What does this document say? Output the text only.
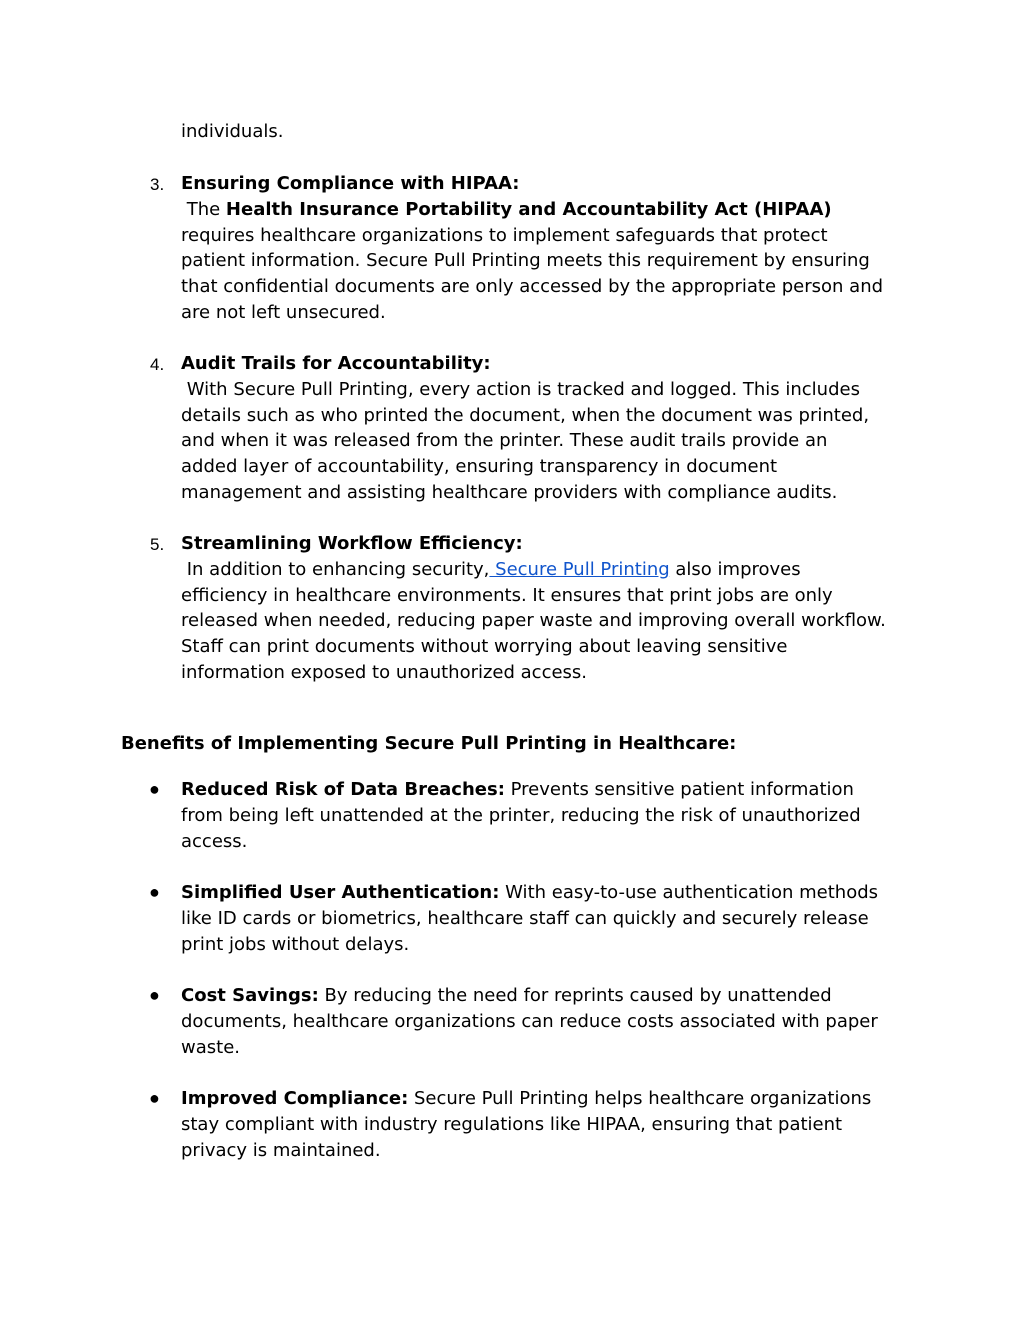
individuals.
3. Ensuring Compliance with HIPAA:
The Health Insurance Portability and Accountability Act (HIPAA)
requires healthcare organizations to implement safeguards that protect
patient information. Secure Pull Printing meets this requirement by ensuring
that confidential documents are only accessed by the appropriate person and
are not left unsecured.
4. Audit Trails for Accountability:
With Secure Pull Printing, every action is tracked and logged. This includes
details such as who printed the document, when the document was printed,
and when it was released from the printer. These audit trails provide an
added layer of accountability, ensuring transparency in document
management and assisting healthcare providers with compliance audits.
5. Streamlining Workflow Efficiency:
In addition to enhancing security, Secure Pull Printing also improves
efficiency in healthcare environments. It ensures that print jobs are only
released when needed, reducing paper waste and improving overall workflow.
Staff can print documents without worrying about leaving sensitive
information exposed to unauthorized access.
Benefits of Implementing Secure Pull Printing in Healthcare:
● Reduced Risk of Data Breaches: Prevents sensitive patient information
from being left unattended at the printer, reducing the risk of unauthorized
access.
● Simplified User Authentication: With easy-to-use authentication methods
like ID cards or biometrics, healthcare staff can quickly and securely release
print jobs without delays.
● Cost Savings: By reducing the need for reprints caused by unattended
documents, healthcare organizations can reduce costs associated with paper
waste.
● Improved Compliance: Secure Pull Printing helps healthcare organizations
stay compliant with industry regulations like HIPAA, ensuring that patient
privacy is maintained.
